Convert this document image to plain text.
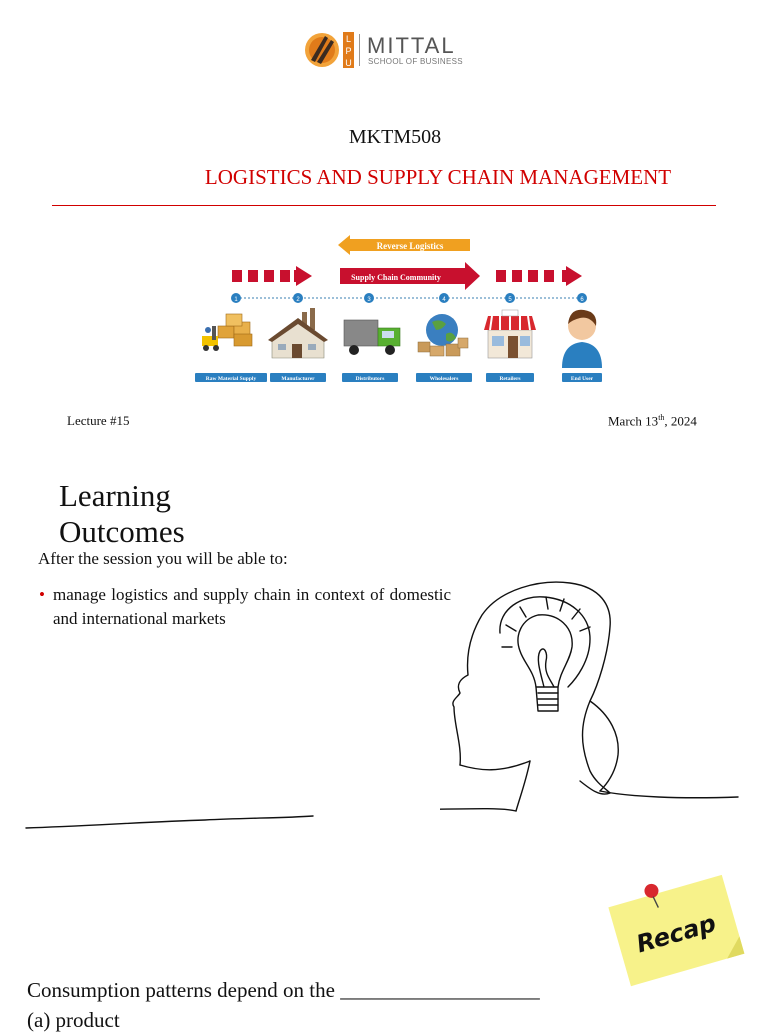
L
P
U
MITTAL
SCHOOL OF BUSINESS
MKTM508
LOGISTICS AND SUPPLY CHAIN MANAGEMENT
Reverse Logistics
Supply Chain Community
1
Raw Material Supply
2
Manufacturer
3
Distributors
4
Wholesalers
5
Retailers
6
End User
Lecture #15	March 13th, 2024
Learning
Outcomes
After the session you will be able to:
• manage logistics and supply chain in context of domestic and international markets
Recap
Consumption patterns depend on the ___________________
(a) product
